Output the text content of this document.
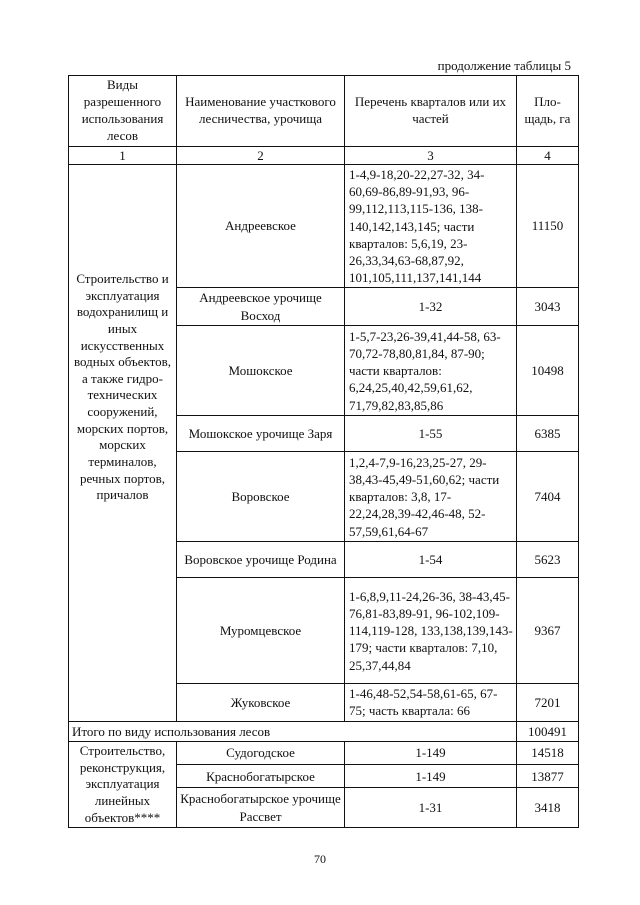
продолжение таблицы 5
Виды разрешенного использования лесов	Наименование участкового лесничества, урочища	Перечень кварталов или их частей	Пло-щадь, га
1	2	3	4
Строительство и эксплуатация водохранилищ и иных искусственных водных объектов, а также гидро-технических сооружений, морских портов, морских терминалов, речных портов, причалов	Андреевское	1-4,9-18,20-22,27-32, 34-60,69-86,89-91,93, 96-99,112,113,115-136, 138-140,142,143,145; части кварталов: 5,6,19, 23-26,33,34,63-68,87,92, 101,105,111,137,141,144	11150
	Андреевское урочище Восход	1-32	3043
	Мошокское	1-5,7-23,26-39,41,44-58, 63-70,72-78,80,81,84, 87-90; части кварталов: 6,24,25,40,42,59,61,62, 71,79,82,83,85,86	10498
	Мошокское урочище Заря	1-55	6385
	Воровское	1,2,4-7,9-16,23,25-27, 29-38,43-45,49-51,60,62; части кварталов: 3,8, 17-22,24,28,39-42,46-48, 52-57,59,61,64-67	7404
	Воровское урочище Родина	1-54	5623
	Муромцевское	1-6,8,9,11-24,26-36, 38-43,45-76,81-83,89-91, 96-102,109-114,119-128, 133,138,139,143-179; части кварталов: 7,10, 25,37,44,84	9367
	Жуковское	1-46,48-52,54-58,61-65, 67-75; часть квартала: 66	7201
Итого по виду использования лесов			100491
Строительство, реконструкция, эксплуатация линейных объектов****	Судогодское	1-149	14518
	Краснобогатырское	1-149	13877
	Краснобогатырское урочище Рассвет	1-31	3418
70
